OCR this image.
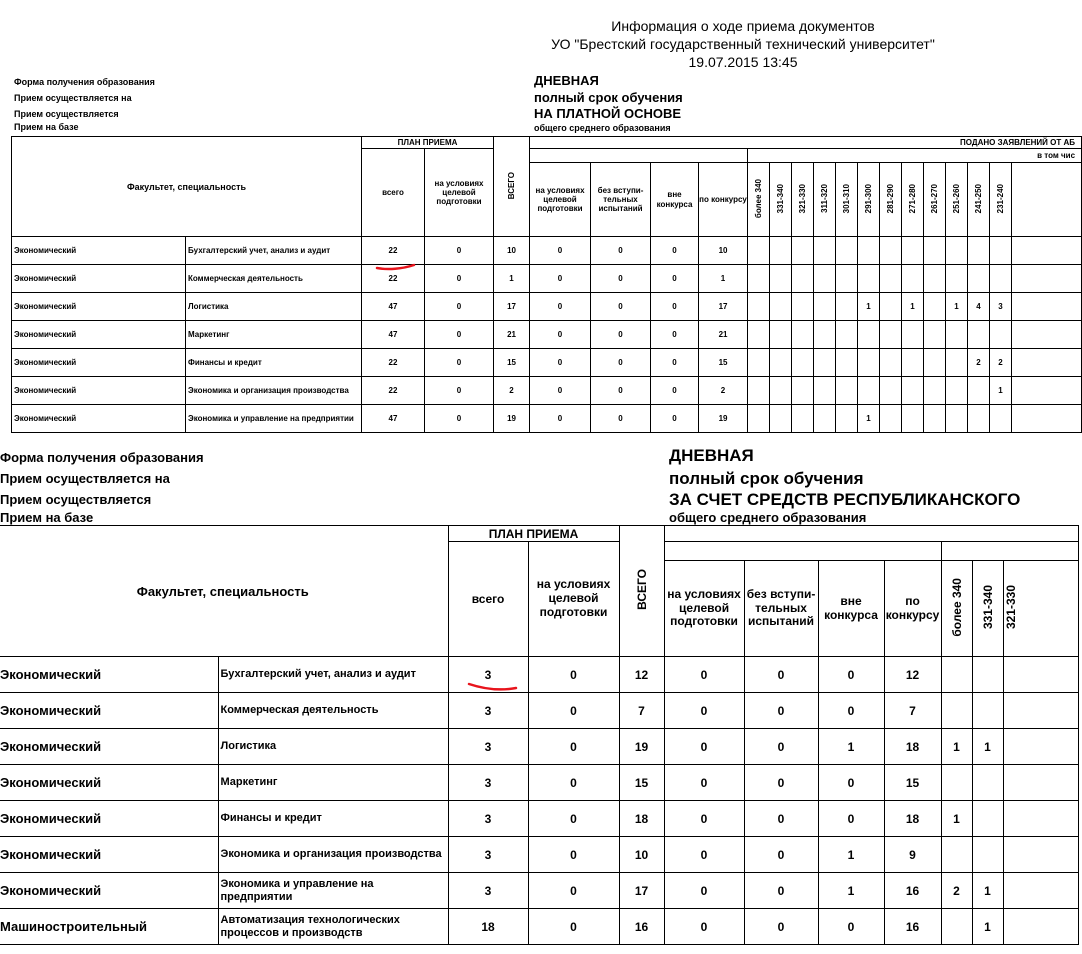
Информация о ходе приема документов
УО "Брестский государственный технический университет"
19.07.2015 13:45
Форма получения образования
Прием осуществляется на
Прием осуществляется
Прием на базе
ДНЕВНАЯ
полный срок обучения
НА ПЛАТНОЙ ОСНОВЕ
общего среднего образования
Факультет, специальность		ПЛАН ПРИЕМА		ВСЕГО	ПОДАНО ЗАЯВЛЕНИЙ ОТ АБ																
		всего	на условиях целевой подготовки						в том чис												
					на условиях целевой подготовки	без вступи-тельных испытаний	вне конкурса	по конкурсу	более 340	331-340	321-330	311-320	301-310	291-300	281-290	271-280	261-270	251-260	241-250	231-240	
Экономический	Бухгалтерский учет, анализ и аудит	22	0	10	0	0	0	10													
Экономический	Коммерческая деятельность	22	0	1	0	0	0	1													
Экономический	Логистика	47	0	17	0	0	0	17						1		1		1	4	3	
Экономический	Маркетинг	47	0	21	0	0	0	21													
Экономический	Финансы и кредит	22	0	15	0	0	0	15											2	2	
Экономический	Экономика и организация производства	22	0	2	0	0	0	2												1	
Экономический	Экономика и управление на предприятии	47	0	19	0	0	0	19						1							
Форма получения образования
Прием осуществляется на
Прием осуществляется
Прием на базе
ДНЕВНАЯ
полный срок обучения
ЗА СЧЕТ СРЕДСТВ РЕСПУБЛИКАНСКОГО
общего среднего образования
Факультет, специальность		ПЛАН ПРИЕМА		ВСЕГО							
		всего	на условиях целевой подготовки								
					на условиях целевой подготовки	без вступи-тельных испытаний	вне конкурса	по конкурсу	более 340	331-340	321-330
Экономический	Бухгалтерский учет, анализ и аудит	3	0	12	0	0	0	12			
Экономический	Коммерческая деятельность	3	0	7	0	0	0	7			
Экономический	Логистика	3	0	19	0	0	1	18	1	1	
Экономический	Маркетинг	3	0	15	0	0	0	15			
Экономический	Финансы и кредит	3	0	18	0	0	0	18	1		
Экономический	Экономика и организация производства	3	0	10	0	0	1	9			
Экономический	Экономика и управление на предприятии	3	0	17	0	0	1	16	2	1	
Машиностроительный	Автоматизация технологических процессов и производств	18	0	16	0	0	0	16		1	
